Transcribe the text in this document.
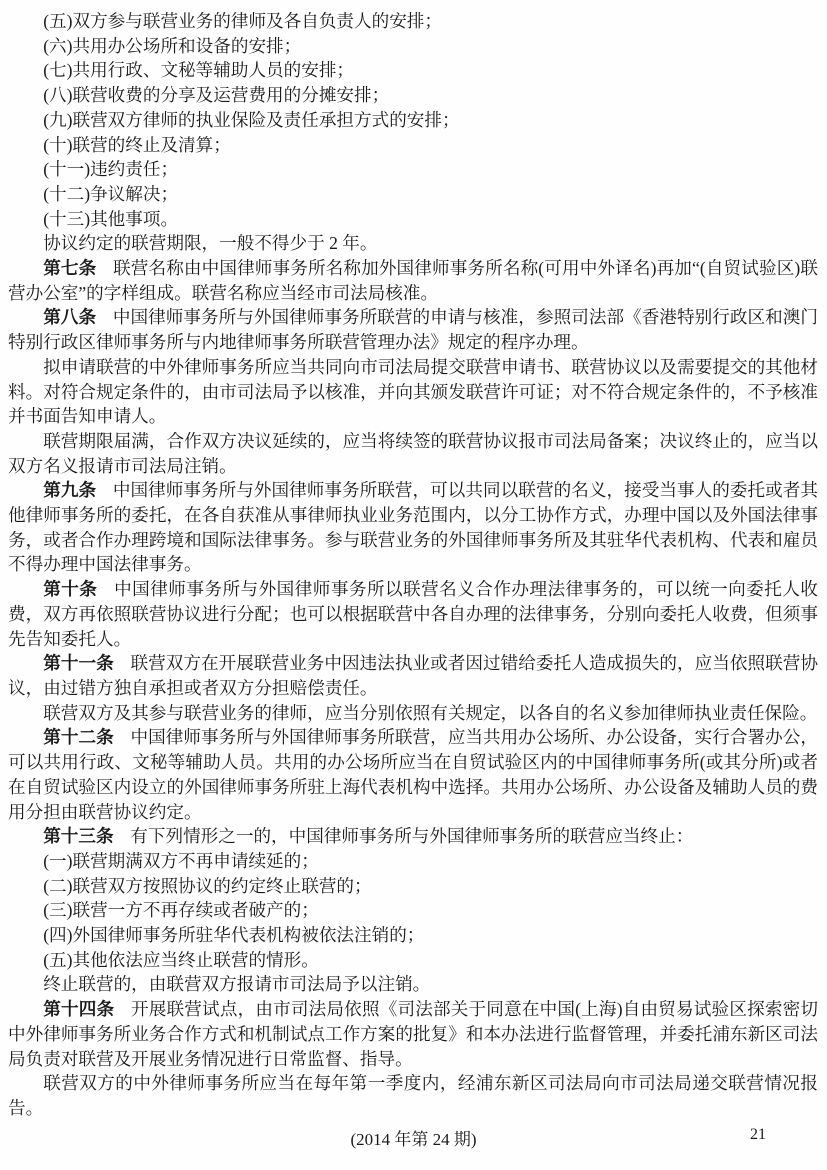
(五)双方参与联营业务的律师及各自负责人的安排；

(六)共用办公场所和设备的安排；

(七)共用行政、文秘等辅助人员的安排；

(八)联营收费的分享及运营费用的分摊安排；

(九)联营双方律师的执业保险及责任承担方式的安排；

(十)联营的终止及清算；

(十一)违约责任；

(十二)争议解决；

(十三)其他事项。

协议约定的联营期限，一般不得少于 2 年。

第七条 联营名称由中国律师事务所名称加外国律师事务所名称(可用中外译名)再加“(自贸试验区)联营办公室”的字样组成。联营名称应当经市司法局核准。

第八条 中国律师事务所与外国律师事务所联营的申请与核准，参照司法部《香港特别行政区和澳门特别行政区律师事务所与内地律师事务所联营管理办法》规定的程序办理。

拟申请联营的中外律师事务所应当共同向市司法局提交联营申请书、联营协议以及需要提交的其他材料。对符合规定条件的，由市司法局予以核准，并向其颁发联营许可证；对不符合规定条件的，不予核准并书面告知申请人。

联营期限届满，合作双方决议延续的，应当将续签的联营协议报市司法局备案；决议终止的，应当以双方名义报请市司法局注销。

第九条 中国律师事务所与外国律师事务所联营，可以共同以联营的名义，接受当事人的委托或者其他律师事务所的委托，在各自获准从事律师执业业务范围内，以分工协作方式，办理中国以及外国法律事务，或者合作办理跨境和国际法律事务。参与联营业务的外国律师事务所及其驻华代表机构、代表和雇员不得办理中国法律事务。

第十条 中国律师事务所与外国律师事务所以联营名义合作办理法律事务的，可以统一向委托人收费，双方再依照联营协议进行分配；也可以根据联营中各自办理的法律事务，分别向委托人收费，但须事先告知委托人。

第十一条 联营双方在开展联营业务中因违法执业或者因过错给委托人造成损失的，应当依照联营协议，由过错方独自承担或者双方分担赔偿责任。

联营双方及其参与联营业务的律师，应当分别依照有关规定，以各自的名义参加律师执业责任保险。

第十二条 中国律师事务所与外国律师事务所联营，应当共用办公场所、办公设备，实行合署办公，可以共用行政、文秘等辅助人员。共用的办公场所应当在自贸试验区内的中国律师事务所(或其分所)或者在自贸试验区内设立的外国律师事务所驻上海代表机构中选择。共用办公场所、办公设备及辅助人员的费用分担由联营协议约定。

第十三条 有下列情形之一的，中国律师事务所与外国律师事务所的联营应当终止：

(一)联营期满双方不再申请续延的；

(二)联营双方按照协议的约定终止联营的；

(三)联营一方不再存续或者破产的；

(四)外国律师事务所驻华代表机构被依法注销的；

(五)其他依法应当终止联营的情形。

终止联营的，由联营双方报请市司法局予以注销。

第十四条 开展联营试点，由市司法局依照《司法部关于同意在中国(上海)自由贸易试验区探索密切中外律师事务所业务合作方式和机制试点工作方案的批复》和本办法进行监督管理，并委托浦东新区司法局负责对联营及开展业务情况进行日常监督、指导。

联营双方的中外律师事务所应当在每年第一季度内，经浦东新区司法局向市司法局递交联营情况报告。

(2014 年第 24 期)	21
